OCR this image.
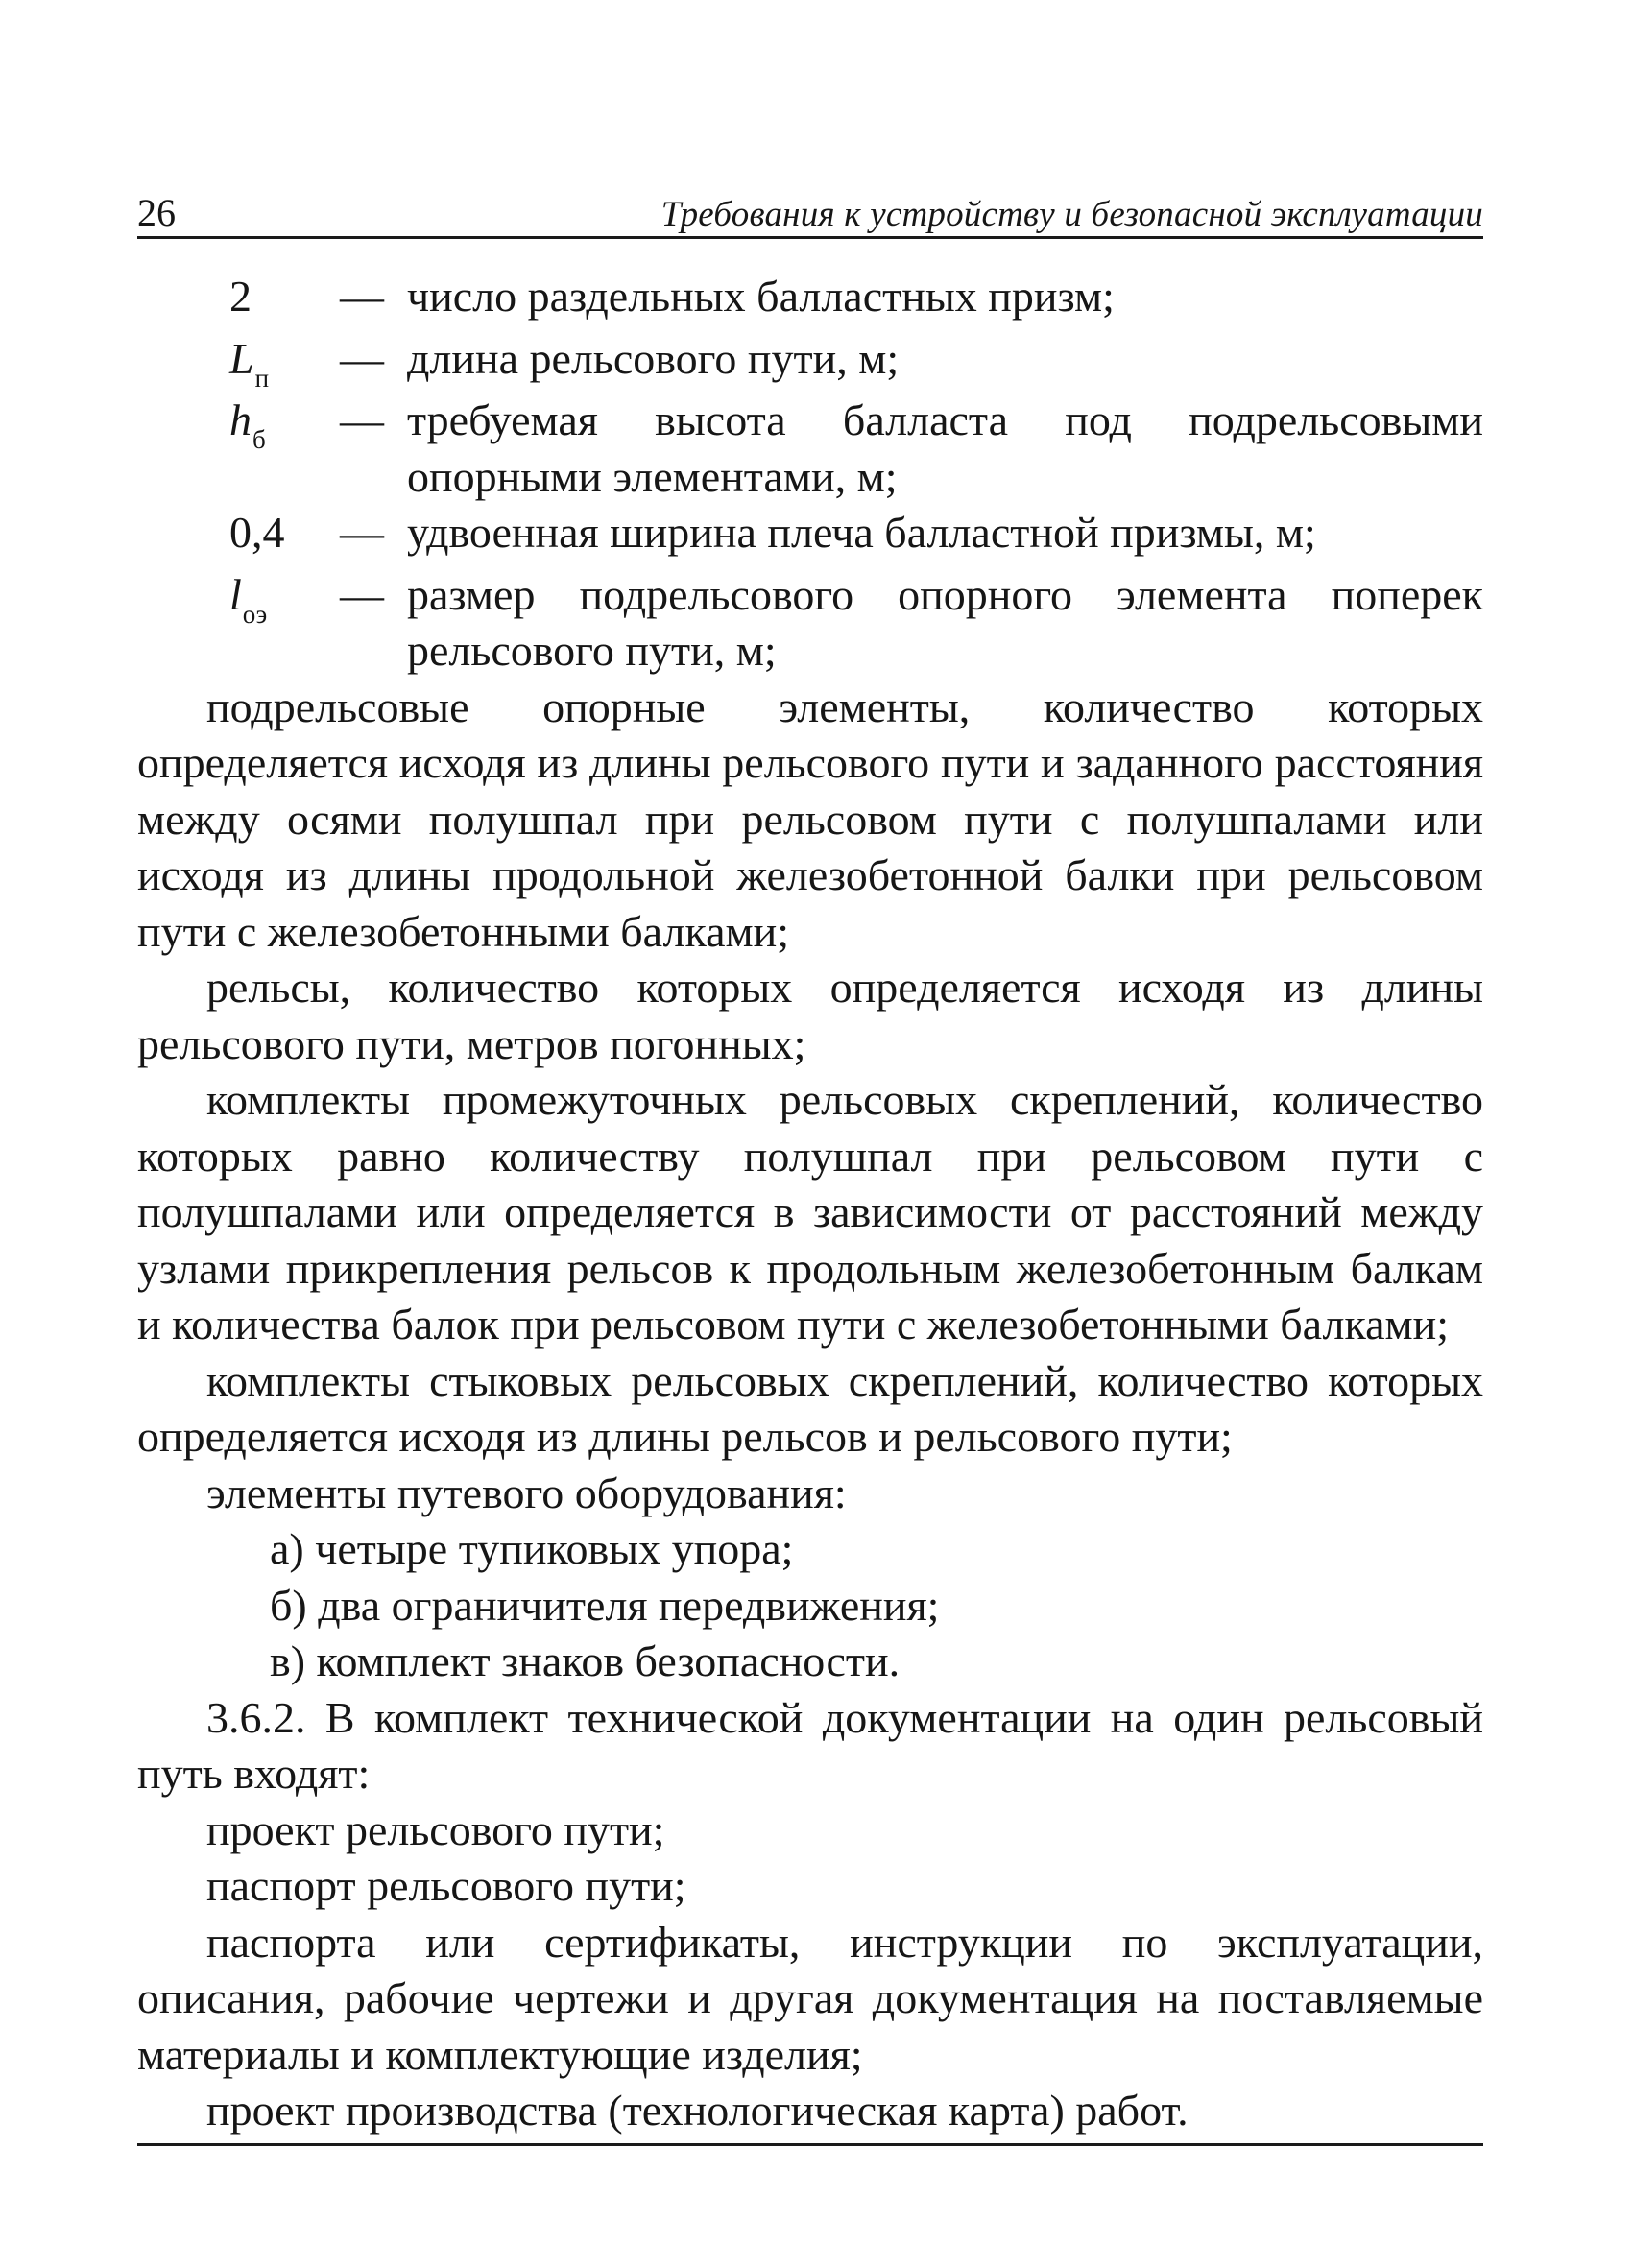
26	Требования к устройству и безопасной эксплуатации
2	— число раздельных балластных призм;
$L_п$	— длина рельсового пути, м;
$h_б$	— требуемая высота балласта под подрельсовыми опорными элементами, м;
0,4	— удвоенная ширина плеча балластной призмы, м;
$l_{оэ}$	— размер подрельсового опорного элемента поперек рельсового пути, м;

подрельсовые опорные элементы, количество которых определяется исходя из длины рельсового пути и заданного расстояния между осями полушпал при рельсовом пути с полушпалами или исходя из длины продольной железобетонной балки при рельсовом пути с железобетонными балками;

рельсы, количество которых определяется исходя из длины рельсового пути, метров погонных;

комплекты промежуточных рельсовых скреплений, количество которых равно количеству полушпал при рельсовом пути с полушпалами или определяется в зависимости от расстояний между узлами прикрепления рельсов к продольным железобетонным балкам и количества балок при рельсовом пути с железобетонными балками;

комплекты стыковых рельсовых скреплений, количество которых определяется исходя из длины рельсов и рельсового пути;

элементы путевого оборудования:

а) четыре тупиковых упора;

б) два ограничителя передвижения;

в) комплект знаков безопасности.

3.6.2. В комплект технической документации на один рельсовый путь входят:

проект рельсового пути;

паспорт рельсового пути;

паспорта или сертификаты, инструкции по эксплуатации, описания, рабочие чертежи и другая документация на поставляемые материалы и комплектующие изделия;

проект производства (технологическая карта) работ.
